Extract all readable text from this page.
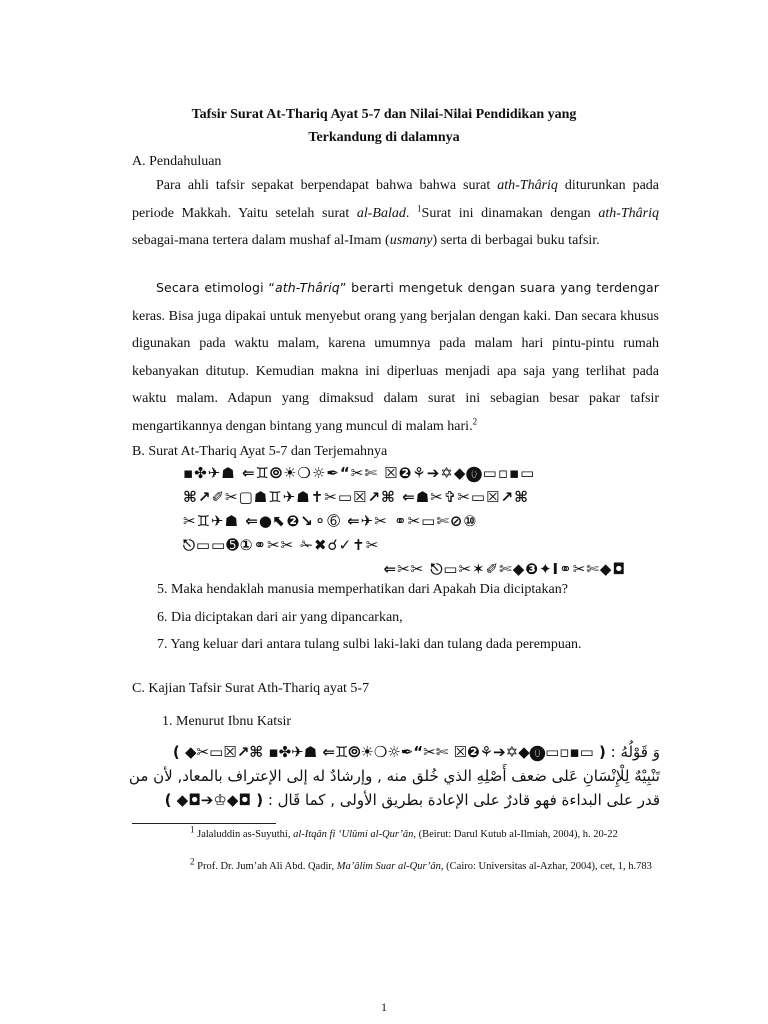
Tafsir Surat At-Thariq Ayat 5-7 dan Nilai-Nilai Pendidikan yang
Terkandung di dalamnya
A. Pendahuluan

Para ahli tafsir sepakat berpendapat bahwa bahwa surat ath-Thâriq diturunkan pada periode Makkah. Yaitu setelah surat al-Balad. $^1$Surat ini dinamakan dengan ath-Thâriq sebagai-mana tertera dalam mushaf al-Imam (usmany) serta di berbagai buku tafsir.

Secara etimologi “ath-Thâriq” berarti mengetuk dengan suara yang terdengar keras. Bisa juga dipakai untuk menyebut orang yang berjalan dengan kaki. Dan secara khusus digunakan pada waktu malam, karena umumnya pada malam hari pintu-pintu rumah kebanyakan ditutup. Kemudian makna ini diperluas menjadi apa saja yang terlihat pada waktu malam. Adapun yang dimaksud dalam surat ini sebagian besar pakar tafsir mengartikannya dengan bintang yang muncul di malam hari.$^2$

B. Surat At-Thariq Ayat 5-7 dan Terjemahnya
▪✤✈☗ ⇐♊⦾☀❍☼✒“✂✄ ☒❷⚘➔✡◆⓿▭▫▪▭
⌘↗✐✂▢☗♊✈☗✝✂▭☒↗⌘ ⇐☗✂✞✂▭☒↗⌘
✂♊✈☗ ⇐●⬉❷↘⚬➅ ⇐✈✂ ⚭✂▭✄⊘⑩
⎋▭▭➎①⚭✂✂ ✁✖☌✓✝✂
⇐✂✂ ⎋▭✂✶✐✄◆❸✦Ⅰ⚭✂✄◆◘
5. Maka hendaklah manusia memperhatikan dari Apakah Dia diciptakan?
6. Dia diciptakan dari air yang dipancarkan,
7. Yang keluar dari antara tulang sulbi laki-laki dan tulang dada perempuan.
C. Kajian Tafsir Surat Ath-Thariq ayat 5-7
1. Menurut Ibnu Katsir
وَ قَوْلُهُ : ( ◆✂▭☒↗⌘ ▪✤✈☗ ⇐♊⦾☀❍☼✒“✂✄ ☒❷⚘➔✡◆⓿▭▫▪▭ )
تَنْبِيْهٌ لِلْإِنْسَانِ عَلى ضعف أَصْلِهِ الذي خُلق منه , وإرشادٌ له إلى الإعتراف بالمعاد, لأن من
قدر على البداءة فهو قادرٌ على الإعادة بطريق الأولى , كما قَال : ( ◆◘➔♔◆◘ )
$^1$ Jalaluddin as-Suyuthi, al-Itqân fi ‘Ulûmi al-Qur’ân, (Beirut: Darul Kutub al-Ilmiah, 2004), h. 20-22
$^2$ Prof. Dr. Jum’ah Ali Abd. Qadir, Ma’âlim Suar al-Qur’ân, (Cairo: Universitas al-Azhar, 2004), cet, 1, h.783
1
